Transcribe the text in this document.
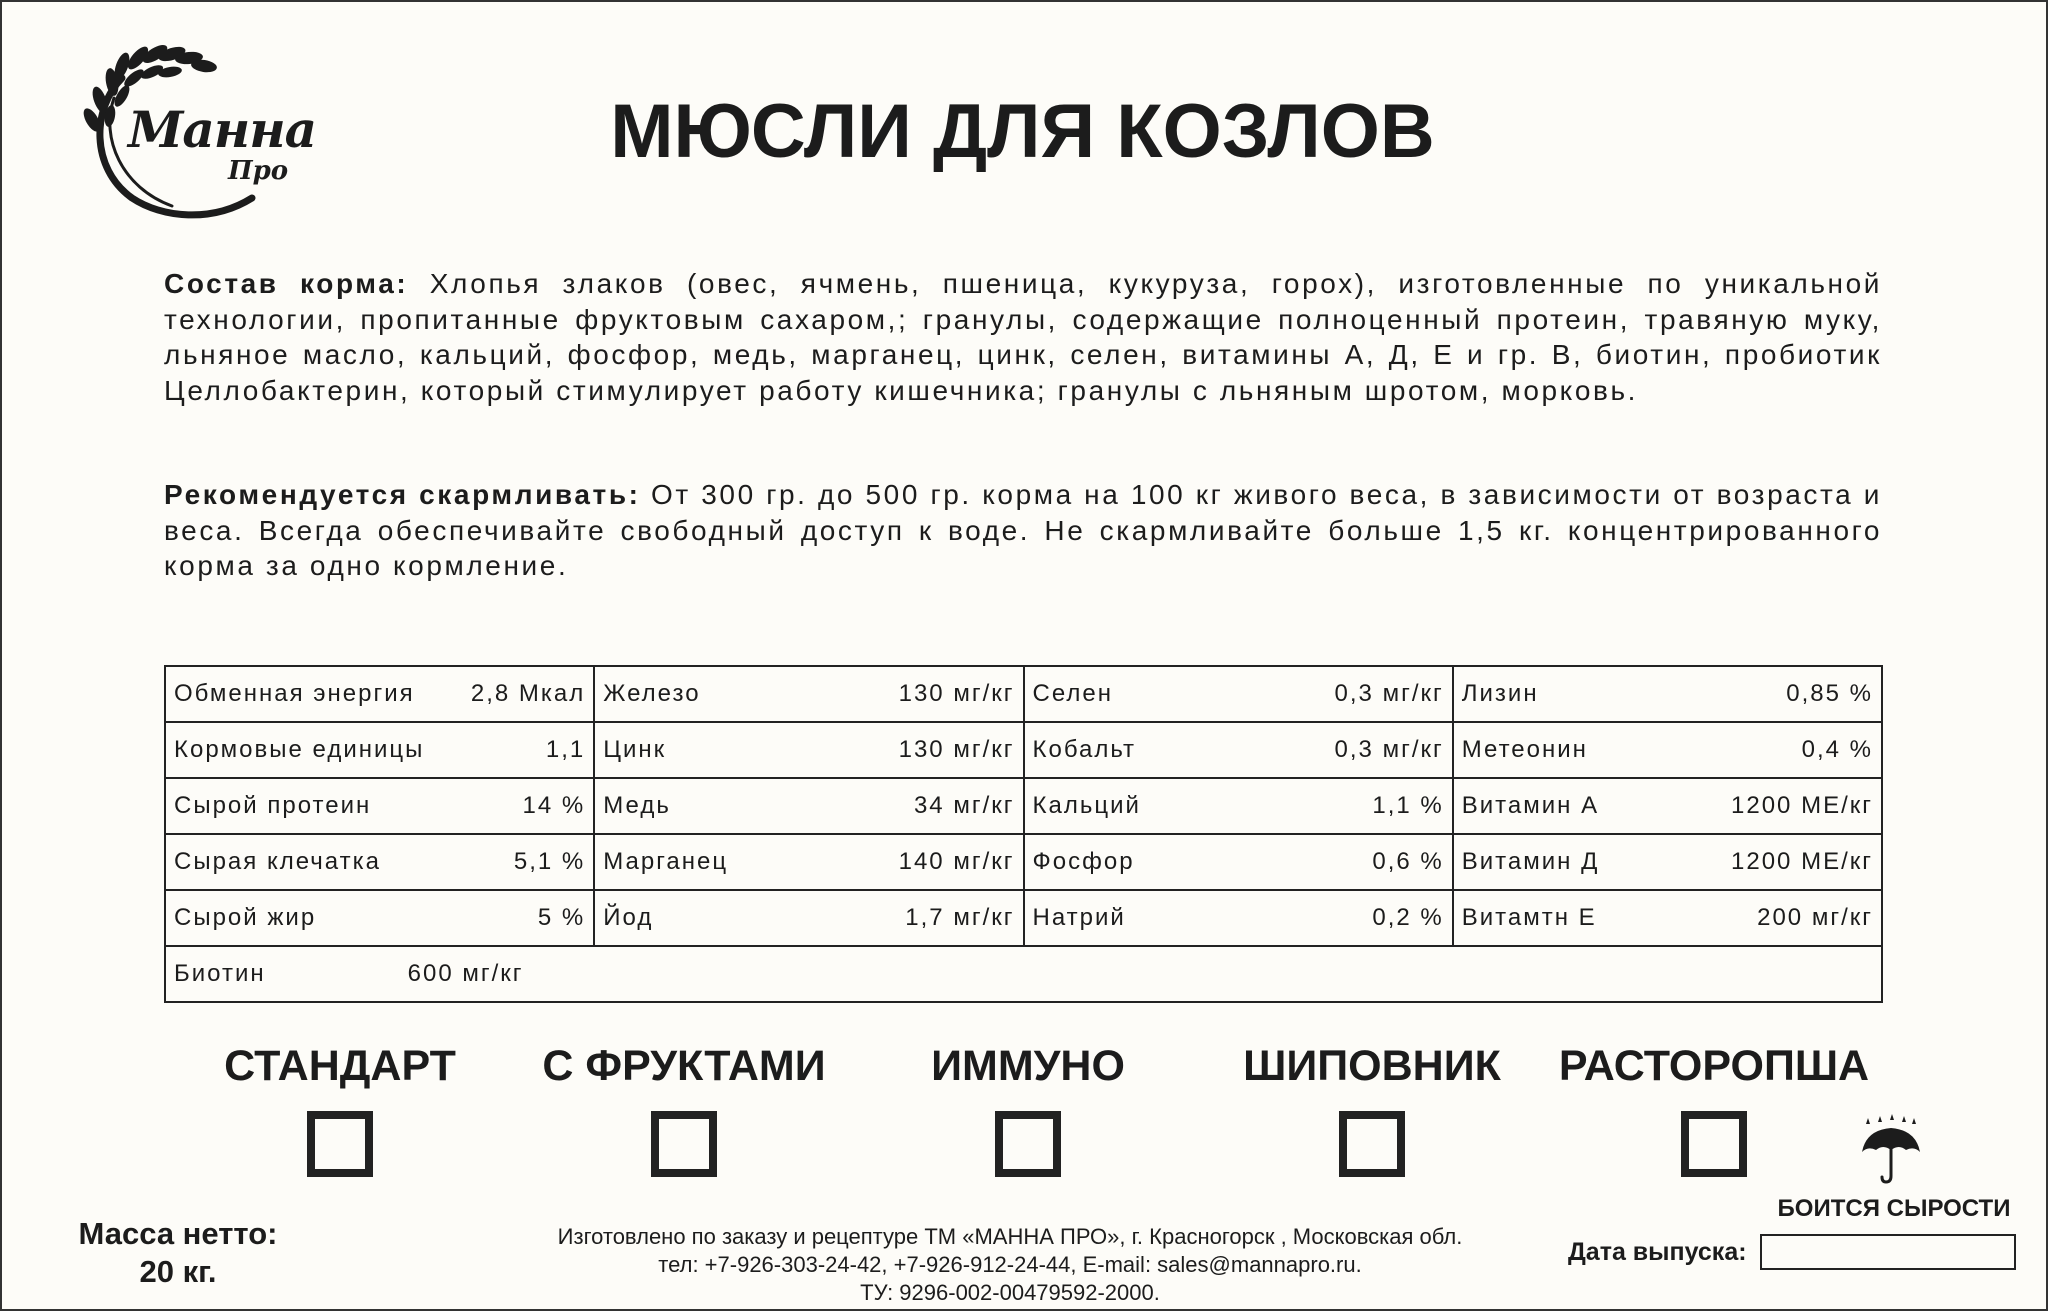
Манна
Про	МЮСЛИ ДЛЯ КОЗЛОВ

Состав корма: Хлопья злаков (овес, ячмень, пшеница, кукуруза, горох), изготовленные по уникальной технологии, пропитанные фруктовым сахаром,; гранулы, содержащие полноценный протеин, травяную муку, льняное масло, кальций, фосфор, медь, марганец, цинк, селен, витамины А, Д, Е и гр. В, биотин, пробиотик Целлобактерин, который стимулирует работу кишечника; гранулы с льняным шротом, морковь.

Рекомендуется скармливать: От 300 гр. до 500 гр. корма на 100 кг живого веса, в зависимости от возраста и веса. Всегда обеспечивайте свободный доступ к воде. Не скармливайте больше 1,5 кг. концентрированного корма за одно кормление.

Обменная энергия 2,8 Мкал	Железо 130 мг/кг	Селен 0,3 мг/кг	Лизин 0,85 %

Кормовые единицы 1,1	Цинк 130 мг/кг	Кобальт 0,3 мг/кг	Метеонин 0,4 %

Сырой протеин 14 %	Медь 34 мг/кг	Кальций 1,1 %	Витамин А 1200 МЕ/кг

Сырая клечатка 5,1 %	Марганец 140 мг/кг	Фосфор 0,6 %	Витамин Д 1200 МЕ/кг

Сырой жир 5 %	Йод 1,7 мг/кг	Натрий 0,2 %	Витамтн Е 200 мг/кг

Биотин 600 мг/кг			
СТАНДАРТ	С ФРУКТАМИ	ИММУНО	ШИПОВНИК	РАСТОРОПША
БОИТСЯ СЫРОСТИ
Масса нетто:
20 кг.
Изготовлено по заказу и рецептуре ТМ «МАННА ПРО», г. Красногорск , Московская обл.
тел: +7-926-303-24-42, +7-926-912-24-44, E-mail: sales@mannapro.ru.
ТУ: 9296-002-00479592-2000.
Дата выпуска:
